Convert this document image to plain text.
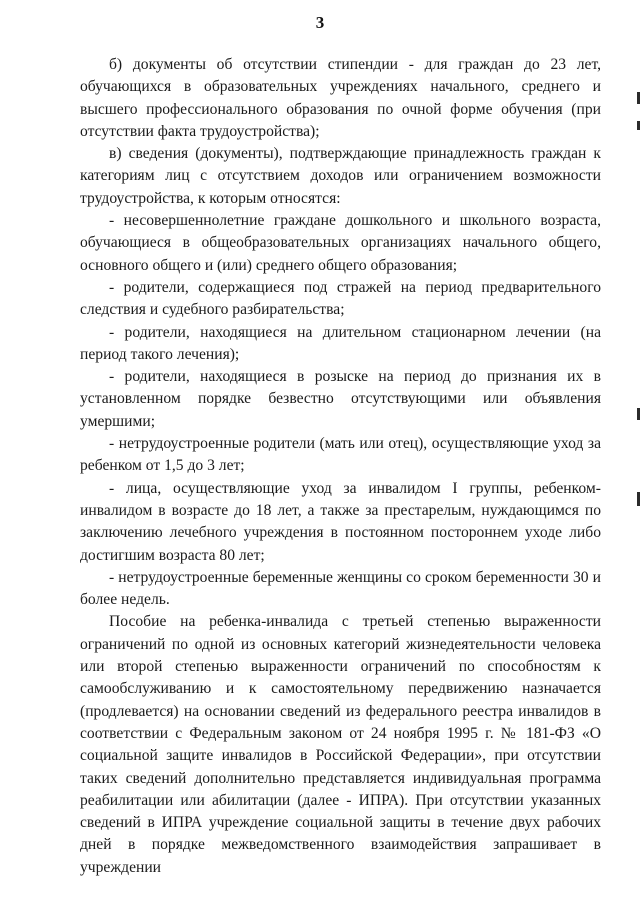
3

б) документы об отсутствии стипендии - для граждан до 23 лет, обучающихся в образовательных учреждениях начального, среднего и высшего профессионального образования по очной форме обучения (при отсутствии факта трудоустройства);

в) сведения (документы), подтверждающие принадлежность граждан к категориям лиц с отсутствием доходов или ограничением возможности трудоустройства, к которым относятся:

- несовершеннолетние граждане дошкольного и школьного возраста, обучающиеся в общеобразовательных организациях начального общего, основного общего и (или) среднего общего образования;

- родители, содержащиеся под стражей на период предварительного следствия и судебного разбирательства;

- родители, находящиеся на длительном стационарном лечении (на период такого лечения);

- родители, находящиеся в розыске на период до признания их в установленном порядке безвестно отсутствующими или объявления умершими;

- нетрудоустроенные родители (мать или отец), осуществляющие уход за ребенком от 1,5 до 3 лет;

- лица, осуществляющие уход за инвалидом I группы, ребенком-инвалидом в возрасте до 18 лет, а также за престарелым, нуждающимся по заключению лечебного учреждения в постоянном постороннем уходе либо достигшим возраста 80 лет;

- нетрудоустроенные беременные женщины со сроком беременности 30 и более недель.

Пособие на ребенка-инвалида с третьей степенью выраженности ограничений по одной из основных категорий жизнедеятельности человека или второй степенью выраженности ограничений по способностям к самообслуживанию и к самостоятельному передвижению назначается (продлевается) на основании сведений из федерального реестра инвалидов в соответствии с Федеральным законом от 24 ноября 1995 г. № 181-ФЗ «О социальной защите инвалидов в Российской Федерации», при отсутствии таких сведений дополнительно представляется индивидуальная программа реабилитации или абилитации (далее - ИПРА). При отсутствии указанных сведений в ИПРА учреждение социальной защиты в течение двух рабочих дней в порядке межведомственного взаимодействия запрашивает в учреждении
